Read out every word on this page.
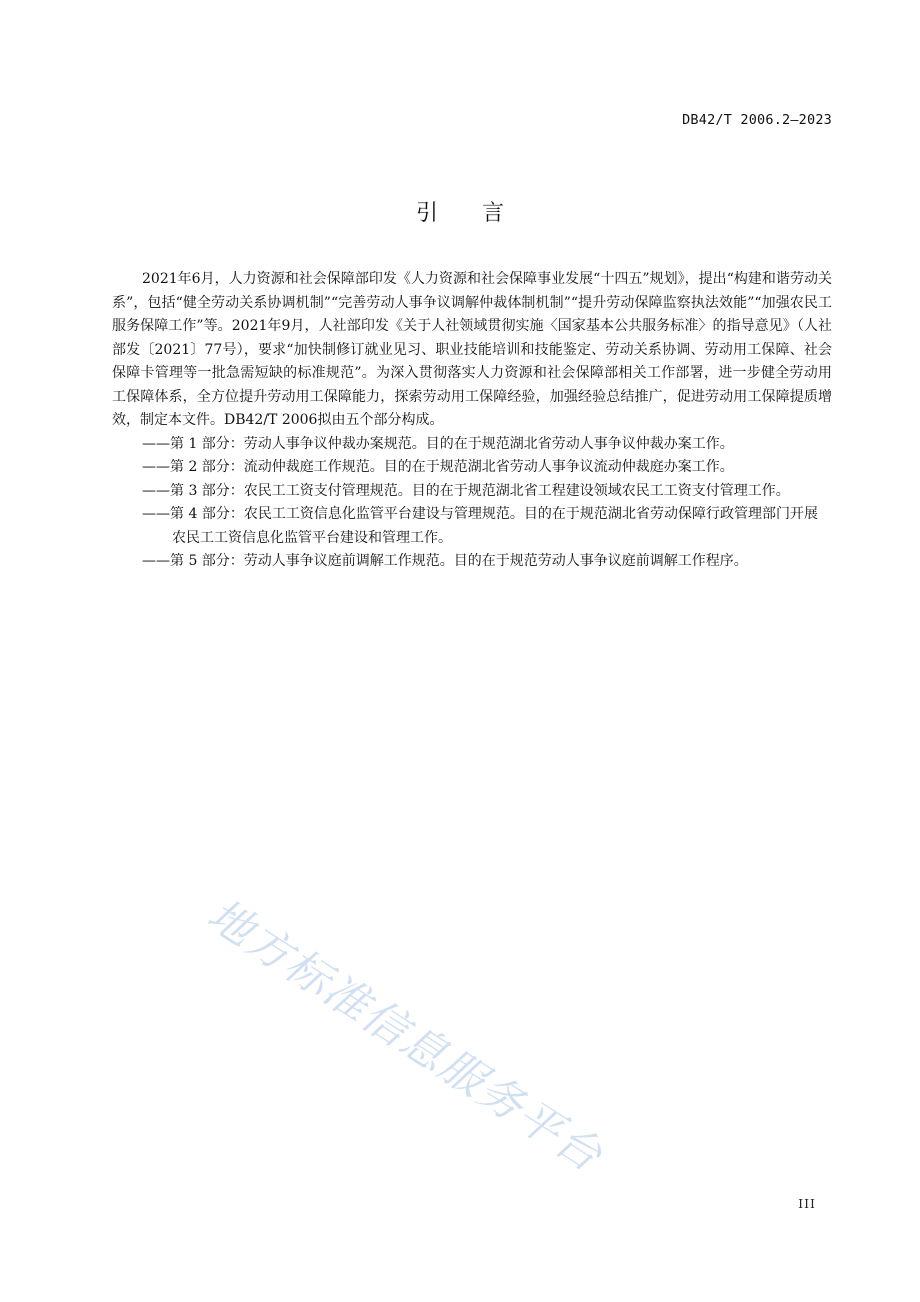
DB42/T 2006.2—2023
引言

2021年6月，人力资源和社会保障部印发《人力资源和社会保障事业发展“十四五”规划》，提出“构建和谐劳动关系”，包括“健全劳动关系协调机制”“完善劳动人事争议调解仲裁体制机制”“提升劳动保障监察执法效能”“加强农民工服务保障工作”等。2021年9月，人社部印发《关于人社领域贯彻实施〈国家基本公共服务标准〉的指导意见》（人社部发〔2021〕77号），要求“加快制修订就业见习、职业技能培训和技能鉴定、劳动关系协调、劳动用工保障、社会保障卡管理等一批急需短缺的标准规范”。为深入贯彻落实人力资源和社会保障部相关工作部署，进一步健全劳动用工保障体系，全方位提升劳动用工保障能力，探索劳动用工保障经验，加强经验总结推广，促进劳动用工保障提质增效，制定本文件。DB42/T 2006拟由五个部分构成。

——第 1 部分：劳动人事争议仲裁办案规范。目的在于规范湖北省劳动人事争议仲裁办案工作。
——第 2 部分：流动仲裁庭工作规范。目的在于规范湖北省劳动人事争议流动仲裁庭办案工作。
——第 3 部分：农民工工资支付管理规范。目的在于规范湖北省工程建设领域农民工工资支付管理工作。
——第 4 部分：农民工工资信息化监管平台建设与管理规范。目的在于规范湖北省劳动保障行政管理部门开展农民工工资信息化监管平台建设和管理工作。
——第 5 部分：劳动人事争议庭前调解工作规范。目的在于规范劳动人事争议庭前调解工作程序。
地方标准信息服务平台
III
